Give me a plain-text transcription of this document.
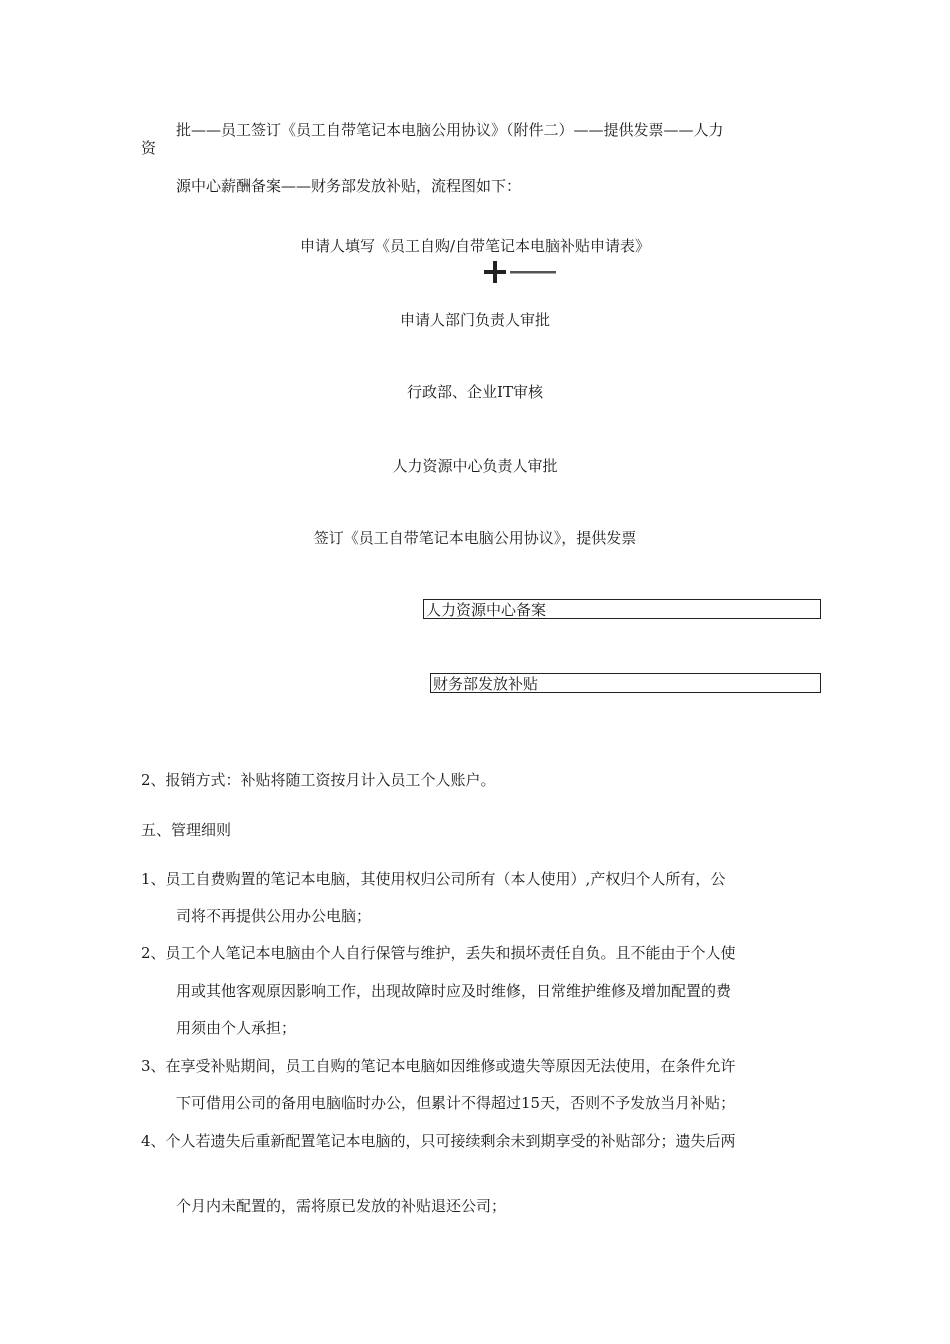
批——员工签订《员工自带笔记本电脑公用协议》（附件二）——提供发票——人力
资
源中心薪酬备案——财务部发放补贴，流程图如下：
申请人填写《员工自购/自带笔记本电脑补贴申请表》
申请人部门负责人审批
行政部、企业IT审核
人力资源中心负责人审批
签订《员工自带笔记本电脑公用协议》，提供发票
人力资源中心备案
财务部发放补贴
2、报销方式：补贴将随工资按月计入员工个人账户。
五、管理细则
1、员工自费购置的笔记本电脑，其使用权归公司所有（本人使用）,产权归个人所有，公
司将不再提供公用办公电脑；
2、员工个人笔记本电脑由个人自行保管与维护，丢失和损坏责任自负。且不能由于个人使
用或其他客观原因影响工作，出现故障时应及时维修，日常维护维修及增加配置的费
用须由个人承担；
3、在享受补贴期间，员工自购的笔记本电脑如因维修或遗失等原因无法使用，在条件允许
下可借用公司的备用电脑临时办公，但累计不得超过15天，否则不予发放当月补贴；
4、个人若遗失后重新配置笔记本电脑的，只可接续剩余未到期享受的补贴部分；遗失后两
个月内未配置的，需将原已发放的补贴退还公司；
